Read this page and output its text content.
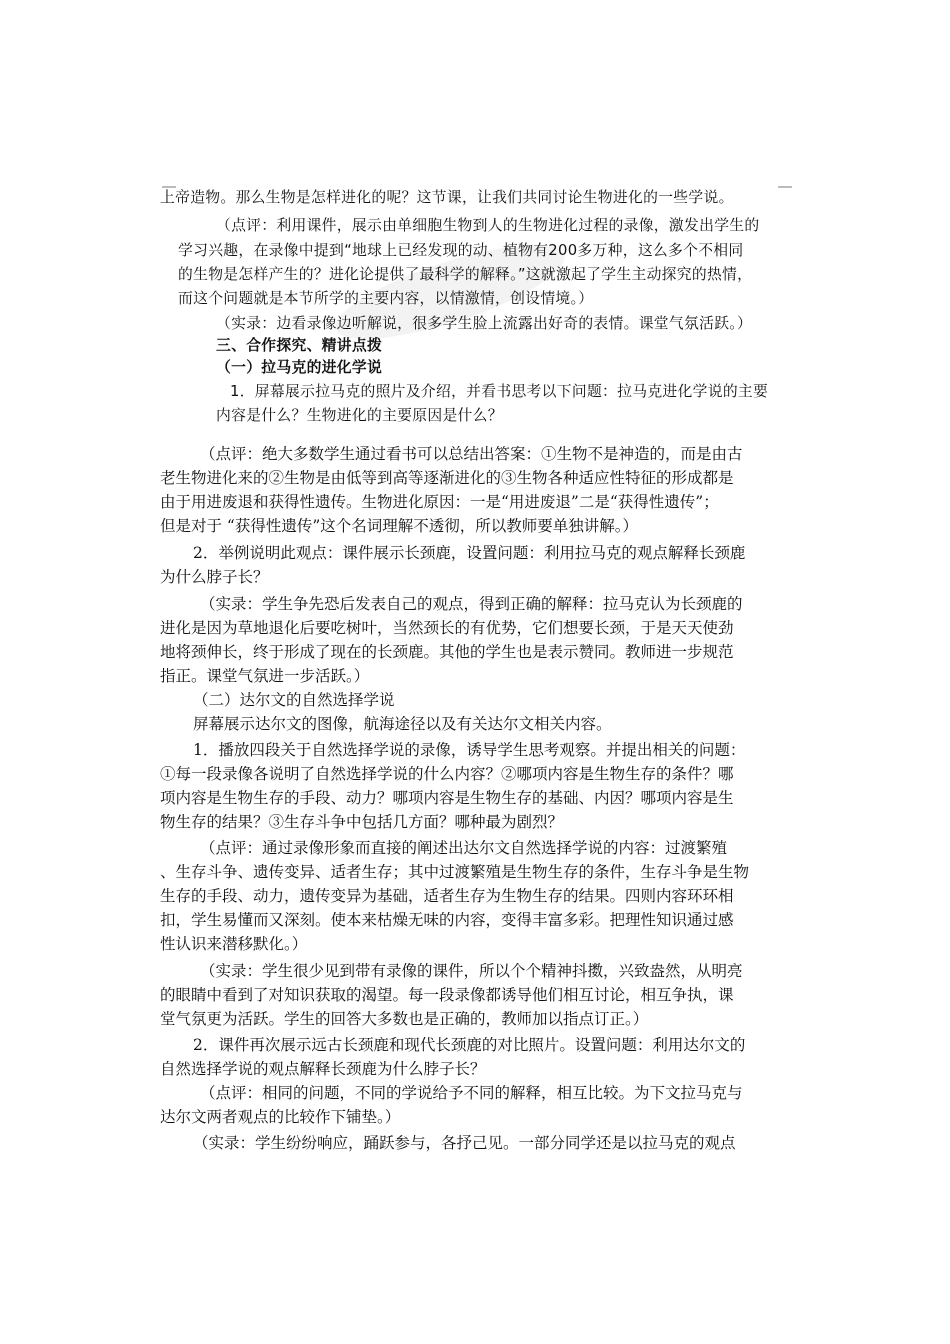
上帝造物。那么生物是怎样进化的呢？这节课，让我们共同讨论生物进化的一些学说。
（点评：利用课件，展示由单细胞生物到人的生物进化过程的录像，激发出学生的
学习兴趣，在录像中提到“地球上已经发现的动、植物有200多万种，这么多个不相同
的生物是怎样产生的？进化论提供了最科学的解释。”这就激起了学生主动探究的热情，
而这个问题就是本节所学的主要内容，以情激情，创设情境。）
（实录：边看录像边听解说，很多学生脸上流露出好奇的表情。课堂气氛活跃。）
三、合作探究、精讲点拨
（一）拉马克的进化学说
1．屏幕展示拉马克的照片及介绍，并看书思考以下问题：拉马克进化学说的主要
内容是什么？生物进化的主要原因是什么？
（点评：绝大多数学生通过看书可以总结出答案：①生物不是神造的，而是由古
老生物进化来的②生物是由低等到高等逐渐进化的③生物各种适应性特征的形成都是
由于用进废退和获得性遗传。生物进化原因：一是“用进废退”二是“获得性遗传”；
但是对于 “获得性遗传”这个名词理解不透彻，所以教师要单独讲解。）
2．举例说明此观点：课件展示长颈鹿，设置问题：利用拉马克的观点解释长颈鹿
为什么脖子长？
（实录：学生争先恐后发表自己的观点，得到正确的解释：拉马克认为长颈鹿的
进化是因为草地退化后要吃树叶，当然颈长的有优势，它们想要长颈，于是天天使劲
地将颈伸长，终于形成了现在的长颈鹿。其他的学生也是表示赞同。教师进一步规范
指正。课堂气氛进一步活跃。）
（二）达尔文的自然选择学说
屏幕展示达尔文的图像，航海途径以及有关达尔文相关内容。
1．播放四段关于自然选择学说的录像，诱导学生思考观察。并提出相关的问题：
①每一段录像各说明了自然选择学说的什么内容？②哪项内容是生物生存的条件？哪
项内容是生物生存的手段、动力？哪项内容是生物生存的基础、内因？哪项内容是生
物生存的结果？③生存斗争中包括几方面？哪种最为剧烈？
（点评：通过录像形象而直接的阐述出达尔文自然选择学说的内容：过渡繁殖
、生存斗争、遗传变异、适者生存；其中过渡繁殖是生物生存的条件，生存斗争是生物
生存的手段、动力，遗传变异为基础，适者生存为生物生存的结果。四则内容环环相
扣，学生易懂而又深刻。使本来枯燥无味的内容，变得丰富多彩。把理性知识通过感
性认识来潜移默化。）
（实录：学生很少见到带有录像的课件，所以个个精神抖擞，兴致盎然，从明亮
的眼睛中看到了对知识获取的渴望。每一段录像都诱导他们相互讨论，相互争执，课
堂气氛更为活跃。学生的回答大多数也是正确的，教师加以指点订正。）
2．课件再次展示远古长颈鹿和现代长颈鹿的对比照片。设置问题：利用达尔文的
自然选择学说的观点解释长颈鹿为什么脖子长？
（点评：相同的问题，不同的学说给予不同的解释，相互比较。为下文拉马克与
达尔文两者观点的比较作下铺垫。）
（实录：学生纷纷响应，踊跃参与，各抒己见。一部分同学还是以拉马克的观点
